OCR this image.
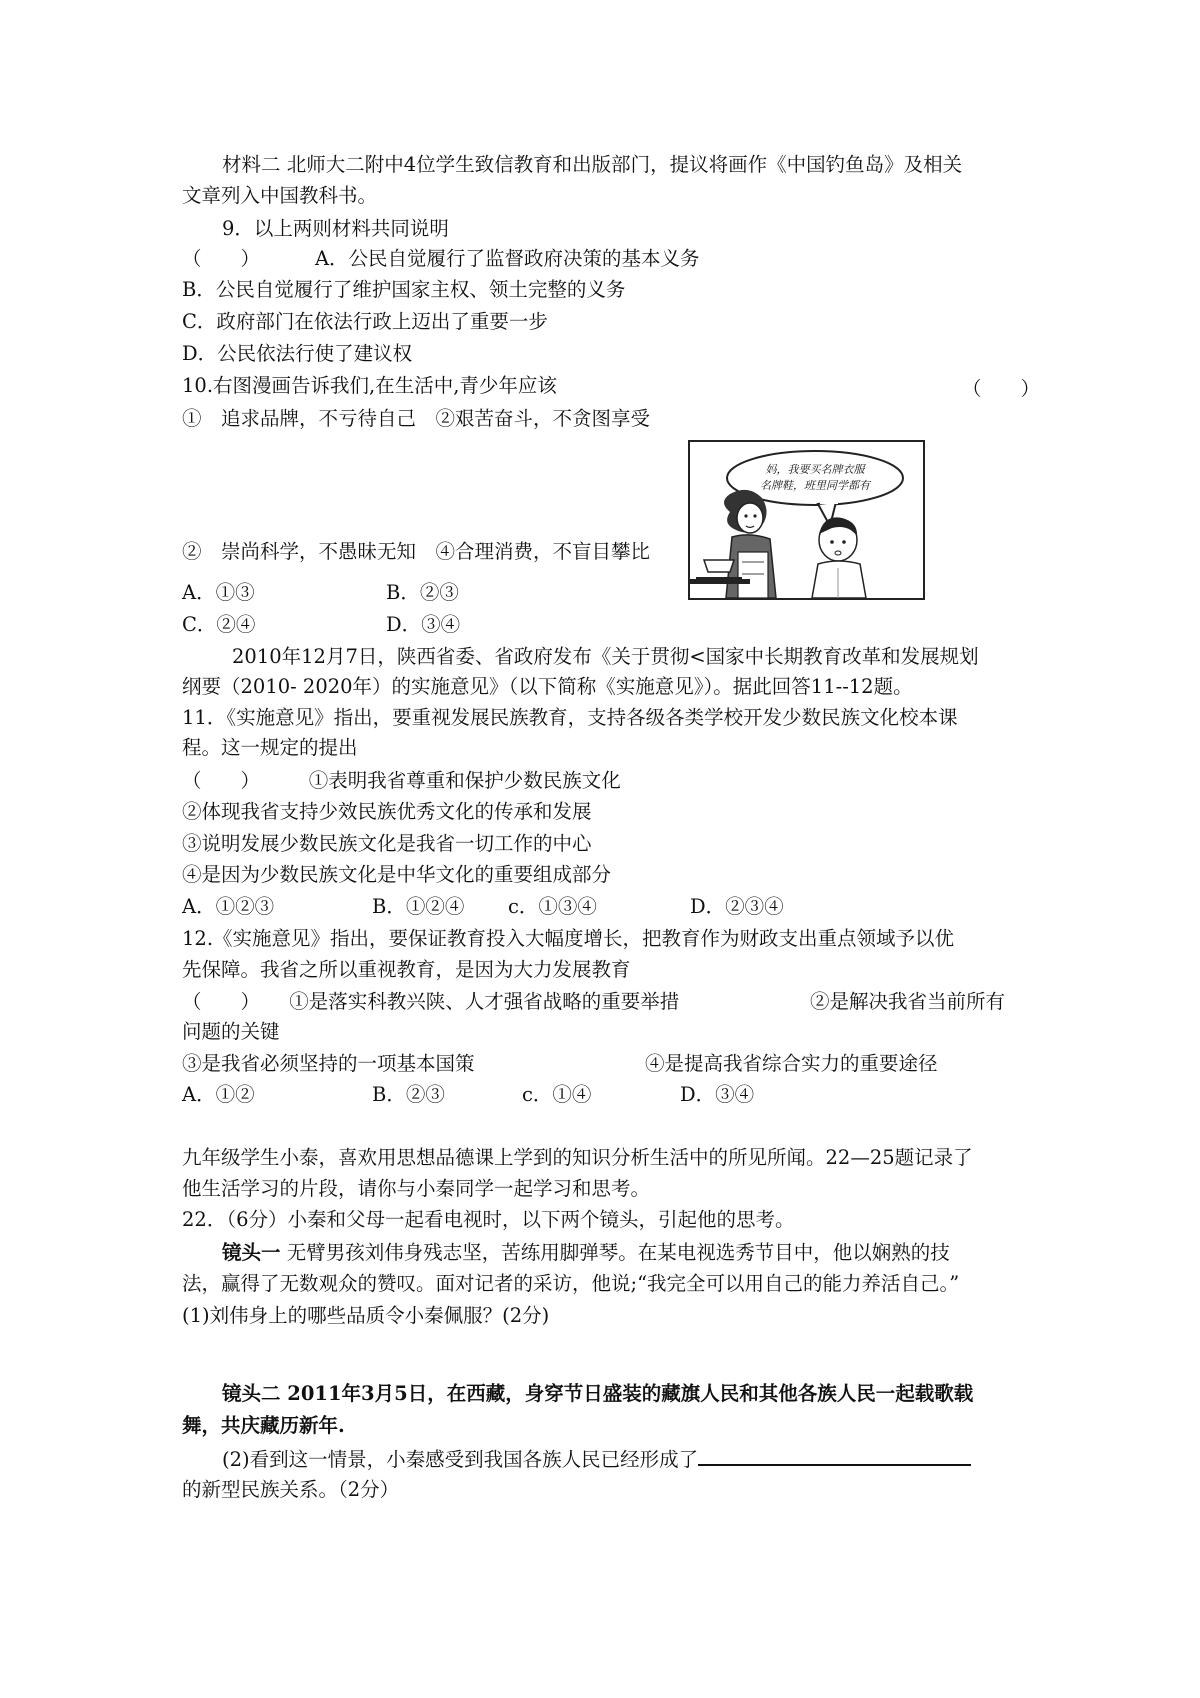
材料二 北师大二附中4位学生致信教育和出版部门，提议将画作《中国钓鱼岛》及相关
文章列入中国教科书。
9．以上两则材料共同说明
（　　）　　　 A．公民自觉履行了监督政府决策的基本义务
B．公民自觉履行了维护国家主权、领土完整的义务
C．政府部门在依法行政上迈出了重要一步
D．公民依法行使了建议权
10.右图漫画告诉我们,在生活中,青少年应该	（　　）
①　追求品牌，不亏待自己　②艰苦奋斗，不贪图享受
妈，我要买名牌衣服
名牌鞋，班里同学都有
②　崇尚科学，不愚昧无知　④合理消费，不盲目攀比
A．①③	B．②③
C．②④	D．③④
2010年12月7日，陕西省委、省政府发布《关于贯彻<国家中长期教育改革和发展规划
纲要（2010- 2020年）的实施意见》（以下简称《实施意见》）。据此回答11--12题。
11．《实施意见》指出，要重视发展民族教育，支持各级各类学校开发少数民族文化校本课
程。这一规定的提出
（　　）　　　①表明我省尊重和保护少数民族文化
②体现我省支持少效民族优秀文化的传承和发展
③说明发展少数民族文化是我省一切工作的中心
④是因为少数民族文化是中华文化的重要组成部分
A．①②③	B．①②④ c．①③④	D．②③④
12.《实施意见》指出，要保证教育投入大幅度增长，把教育作为财政支出重点领域予以优
先保障。我省之所以重视教育，是因为大力发展教育
（　　）　　①是落实科教兴陕、人才强省战略的重要举措	②是解决我省当前所有
问题的关键
③是我省必须坚持的一项基本国策	④是提高我省综合实力的重要途径
A．①②	B．②③	c．①④	D．③④
九年级学生小泰，喜欢用思想品德课上学到的知识分析生活中的所见所闻。22—25题记录了
他生活学习的片段，请你与小秦同学一起学习和思考。
22．（6分）小秦和父母一起看电视时，以下两个镜头，引起他的思考。
镜头一 无臂男孩刘伟身残志坚，苦练用脚弹琴。在某电视选秀节目中，他以娴熟的技
法，赢得了无数观众的赞叹。面对记者的采访，他说;“我完全可以用自己的能力养活自己。”
(1)刘伟身上的哪些品质令小秦佩服？(2分)
镜头二 2011年3月5日，在西藏，身穿节日盛装的藏旗人民和其他各族人民一起载歌载
舞，共庆藏历新年.
(2)看到这一情景，小秦感受到我国各族人民已经形成了
的新型民族关系。（2分）
